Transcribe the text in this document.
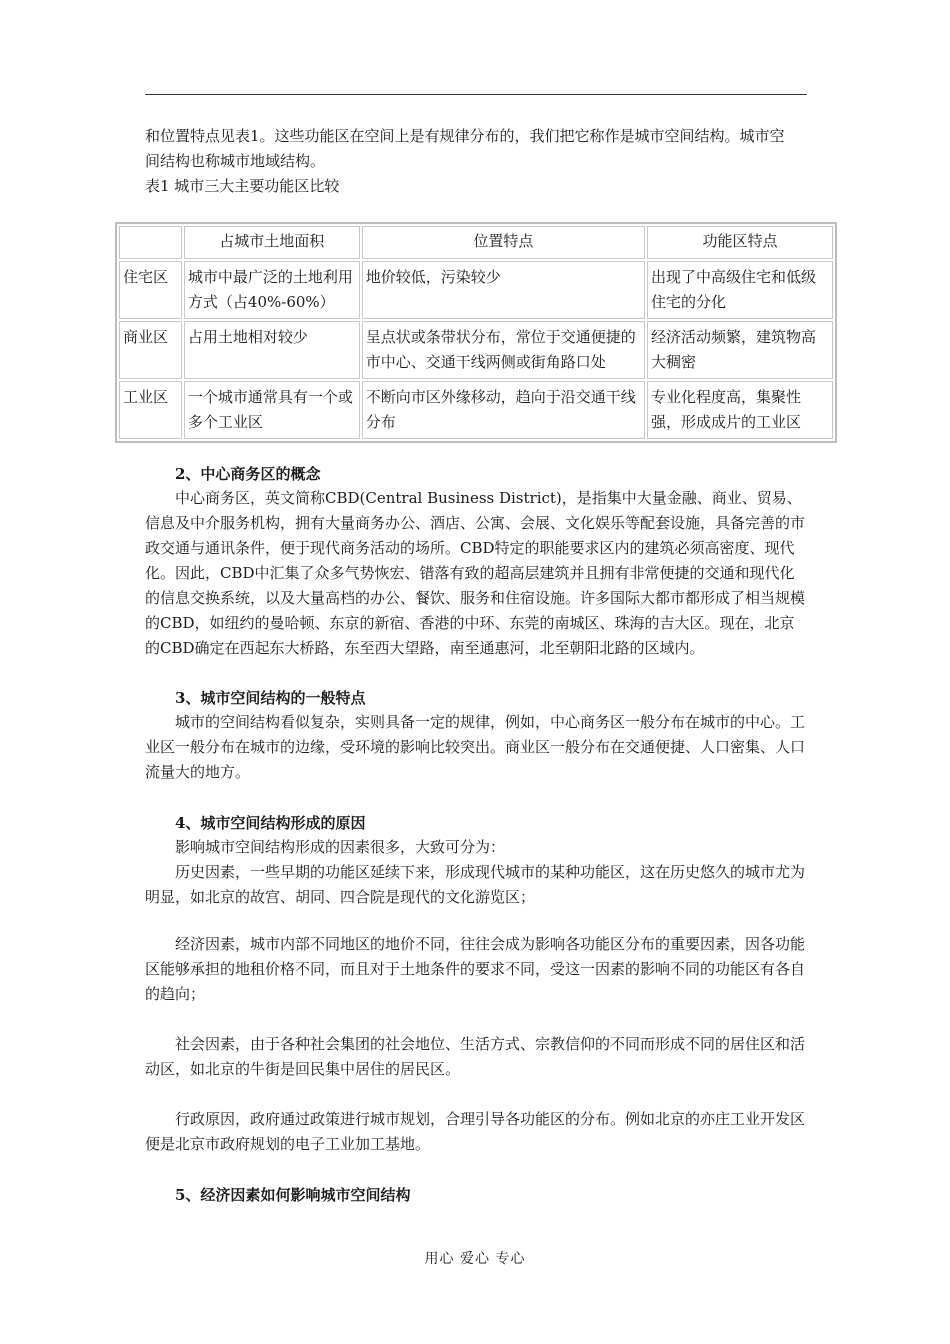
和位置特点见表1。这些功能区在空间上是有规律分布的，我们把它称作是城市空间结构。城市空

间结构也称城市地域结构。

表1 城市三大主要功能区比较

	占城市土地面积	位置特点	功能区特点
住宅区	城市中最广泛的土地利用方式（占40%-60%）	地价较低，污染较少	出现了中高级住宅和低级住宅的分化
商业区	占用土地相对较少	呈点状或条带状分布，常位于交通便捷的市中心、交通干线两侧或街角路口处	经济活动频繁，建筑物高大稠密
工业区	一个城市通常具有一个或多个工业区	不断向市区外缘移动，趋向于沿交通干线分布	专业化程度高，集聚性强，形成成片的工业区
2、中心商务区的概念

中心商务区，英文简称CBD(Central Business District)，是指集中大量金融、商业、贸易、信息及中介服务机构，拥有大量商务办公、酒店、公寓、会展、文化娱乐等配套设施，具备完善的市政交通与通讯条件，便于现代商务活动的场所。CBD特定的职能要求区内的建筑必须高密度、现代化。因此，CBD中汇集了众多气势恢宏、错落有致的超高层建筑并且拥有非常便捷的交通和现代化的信息交换系统，以及大量高档的办公、餐饮、服务和住宿设施。许多国际大都市都形成了相当规模的CBD，如纽约的曼哈顿、东京的新宿、香港的中环、东莞的南城区、珠海的吉大区。现在，北京的CBD确定在西起东大桥路，东至西大望路，南至通惠河，北至朝阳北路的区域内。

3、城市空间结构的一般特点

城市的空间结构看似复杂，实则具备一定的规律，例如，中心商务区一般分布在城市的中心。工业区一般分布在城市的边缘，受环境的影响比较突出。商业区一般分布在交通便捷、人口密集、人口流量大的地方。

4、城市空间结构形成的原因

影响城市空间结构形成的因素很多，大致可分为：

历史因素，一些早期的功能区延续下来，形成现代城市的某种功能区，这在历史悠久的城市尤为明显，如北京的故宫、胡同、四合院是现代的文化游览区；

经济因素，城市内部不同地区的地价不同，往往会成为影响各功能区分布的重要因素，因各功能区能够承担的地租价格不同，而且对于土地条件的要求不同，受这一因素的影响不同的功能区有各自的趋向；

社会因素，由于各种社会集团的社会地位、生活方式、宗教信仰的不同而形成不同的居住区和活动区，如北京的牛街是回民集中居住的居民区。

行政原因，政府通过政策进行城市规划，合理引导各功能区的分布。例如北京的亦庄工业开发区便是北京市政府规划的电子工业加工基地。

5、经济因素如何影响城市空间结构
用心 爱心 专心
